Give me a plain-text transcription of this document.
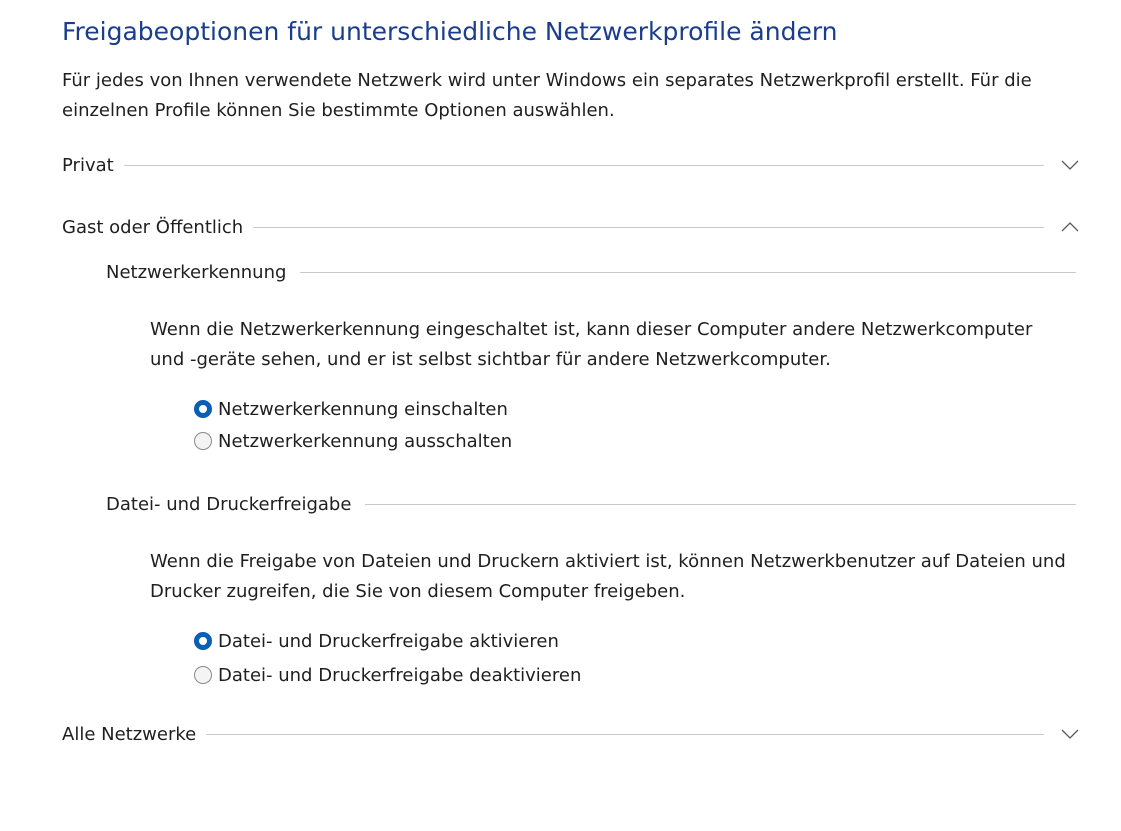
Freigabeoptionen für unterschiedliche Netzwerkprofile ändern
Für jedes von Ihnen verwendete Netzwerk wird unter Windows ein separates Netzwerkprofil erstellt. Für die einzelnen Profile können Sie bestimmte Optionen auswählen.
Privat
Gast oder Öffentlich
Netzwerkerkennung
Wenn die Netzwerkerkennung eingeschaltet ist, kann dieser Computer andere Netzwerkcomputer und -geräte sehen, und er ist selbst sichtbar für andere Netzwerkcomputer.
Netzwerkerkennung einschalten
Netzwerkerkennung ausschalten
Datei- und Druckerfreigabe
Wenn die Freigabe von Dateien und Druckern aktiviert ist, können Netzwerkbenutzer auf Dateien und Drucker zugreifen, die Sie von diesem Computer freigeben.
Datei- und Druckerfreigabe aktivieren
Datei- und Druckerfreigabe deaktivieren
Alle Netzwerke
